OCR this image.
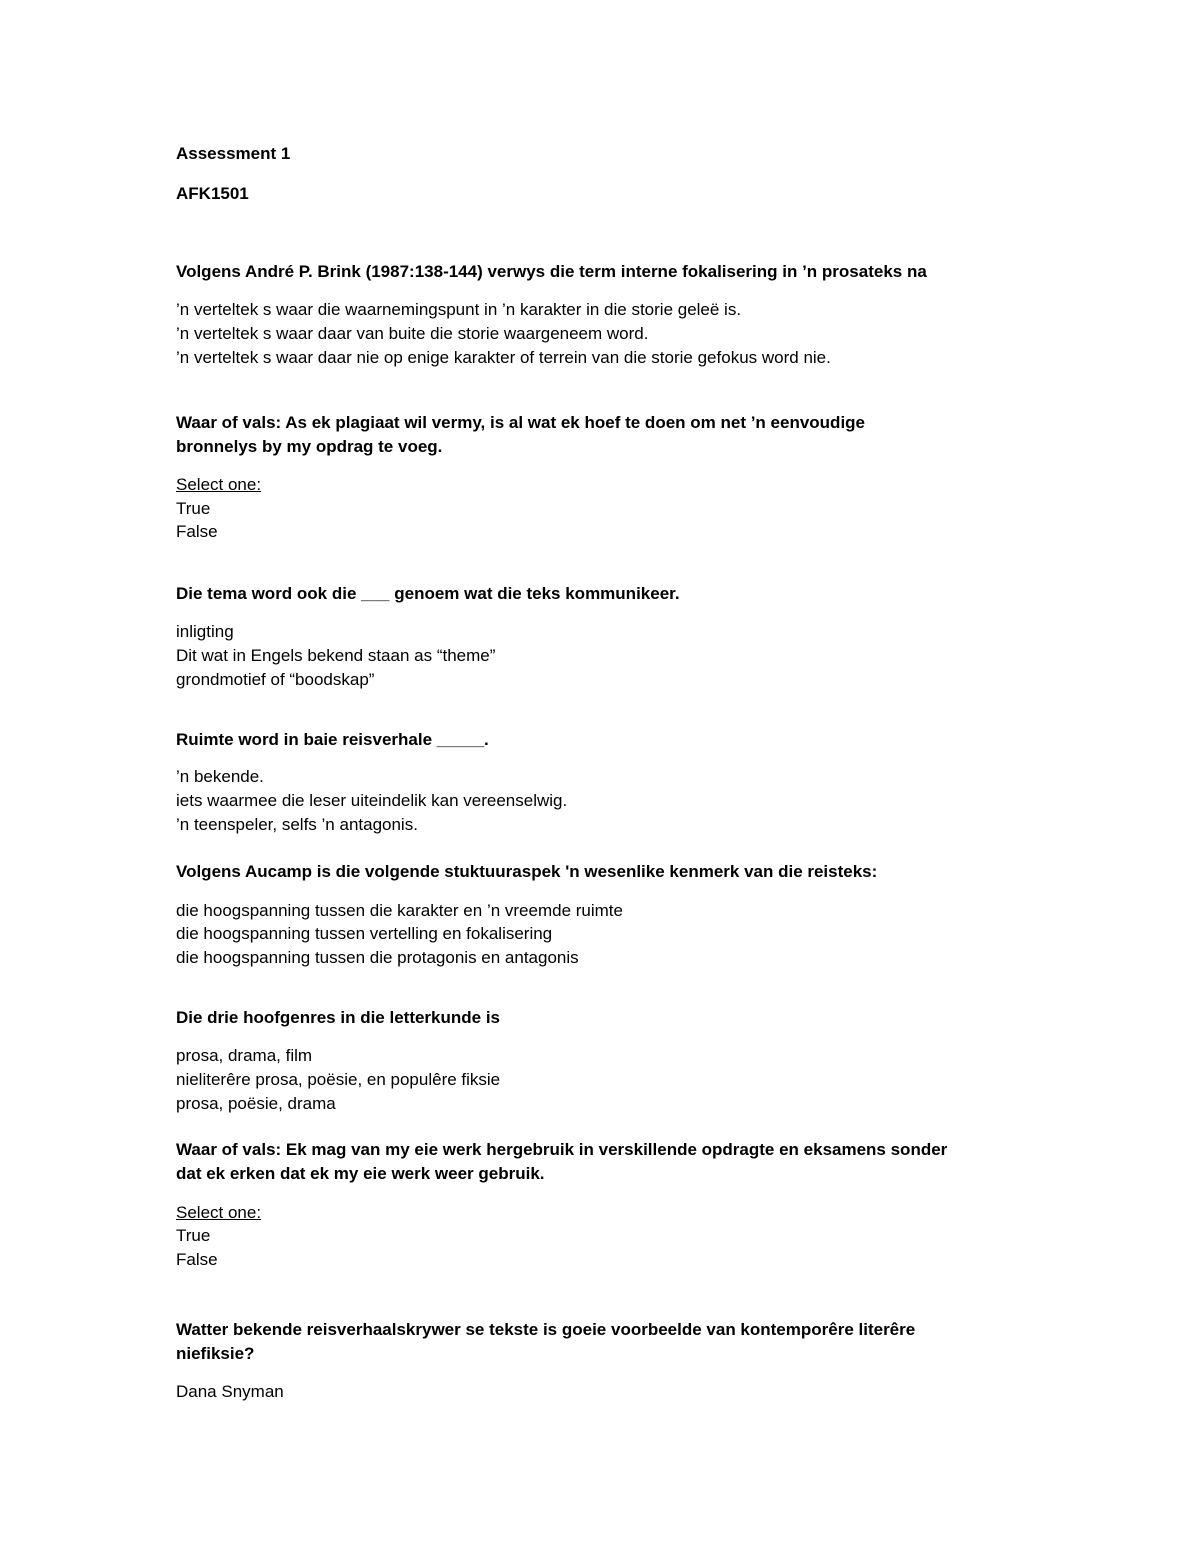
Assessment 1
AFK1501
Volgens André P. Brink (1987:138-144) verwys die term interne fokalisering in ’n prosateks na
’n verteltek s waar die waarnemingspunt in ’n karakter in die storie geleë is.
’n verteltek s waar daar van buite die storie waargeneem word.
’n verteltek s waar daar nie op enige karakter of terrein van die storie gefokus word nie.
Waar of vals: As ek plagiaat wil vermy, is al wat ek hoef te doen om net ’n eenvoudige
bronnelys by my opdrag te voeg.
Select one:
True
False
Die tema word ook die ___ genoem wat die teks kommunikeer.
inligting
Dit wat in Engels bekend staan as “theme”
grondmotief of “boodskap”
Ruimte word in baie reisverhale _____.
’n bekende.
iets waarmee die leser uiteindelik kan vereenselwig.
’n teenspeler, selfs ’n antagonis.
Volgens Aucamp is die volgende stuktuuraspek 'n wesenlike kenmerk van die reisteks:
die hoogspanning tussen die karakter en ’n vreemde ruimte
die hoogspanning tussen vertelling en fokalisering
die hoogspanning tussen die protagonis en antagonis
Die drie hoofgenres in die letterkunde is
prosa, drama, film
nieliterêre prosa, poësie, en populêre fiksie
prosa, poësie, drama
Waar of vals: Ek mag van my eie werk hergebruik in verskillende opdragte en eksamens sonder
dat ek erken dat ek my eie werk weer gebruik.
Select one:
True
False
Watter bekende reisverhaalskrywer se tekste is goeie voorbeelde van kontemporêre literêre
niefiksie?
Dana Snyman
